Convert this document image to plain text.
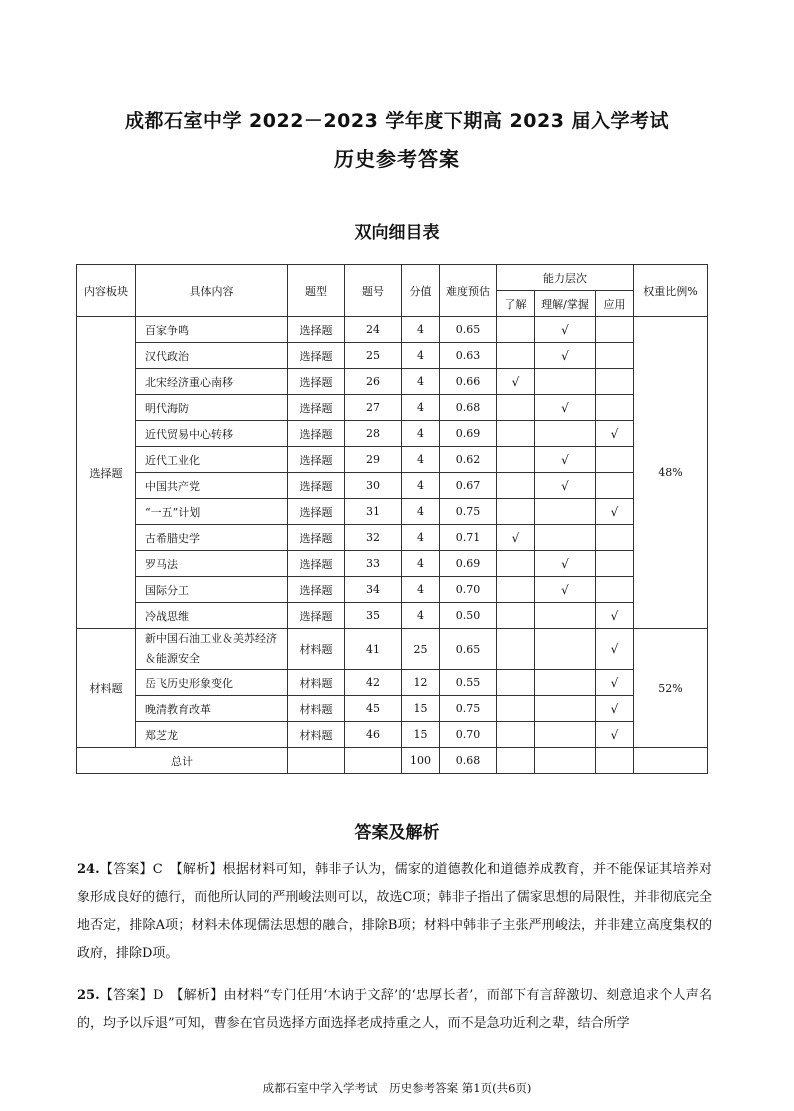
成都石室中学 2022－2023 学年度下期高 2023 届入学考试
历史参考答案
双向细目表
内容板块	具体内容	题型	题号	分值	难度预估	能力层次			权重比例%
						了解	理解/掌握	应用	
选择题	百家争鸣	选择题	24	4	0.65		√		48%
	汉代政治	选择题	25	4	0.63		√		
	北宋经济重心南移	选择题	26	4	0.66	√			
	明代海防	选择题	27	4	0.68		√		
	近代贸易中心转移	选择题	28	4	0.69			√	
	近代工业化	选择题	29	4	0.62		√		
	中国共产党	选择题	30	4	0.67		√		
	“一五”计划	选择题	31	4	0.75			√	
	古希腊史学	选择题	32	4	0.71	√			
	罗马法	选择题	33	4	0.69		√		
	国际分工	选择题	34	4	0.70		√		
	冷战思维	选择题	35	4	0.50			√	
材料题	新中国石油工业＆美苏经济＆能源安全	材料题	41	25	0.65			√	52%
	岳飞历史形象变化	材料题	42	12	0.55			√	
	晚清教育改革	材料题	45	15	0.75			√	
	郑芝龙	材料题	46	15	0.70			√	
总计				100	0.68				
答案及解析
24.【答案】C　【解析】根据材料可知，韩非子认为，儒家的道德教化和道德养成教育，并不能保证其培养对象形成良好的德行，而他所认同的严刑峻法则可以，故选C项；韩非子指出了儒家思想的局限性，并非彻底完全地否定，排除A项；材料未体现儒法思想的融合，排除B项；材料中韩非子主张严刑峻法，并非建立高度集权的政府，排除D项。
25.【答案】D　【解析】由材料“专门任用‘木讷于文辞’的‘忠厚长者’，而部下有言辞激切、刻意追求个人声名的，均予以斥退”可知，曹参在官员选择方面选择老成持重之人，而不是急功近利之辈，结合所学
成都石室中学入学考试　历史参考答案 第1页(共6页)
